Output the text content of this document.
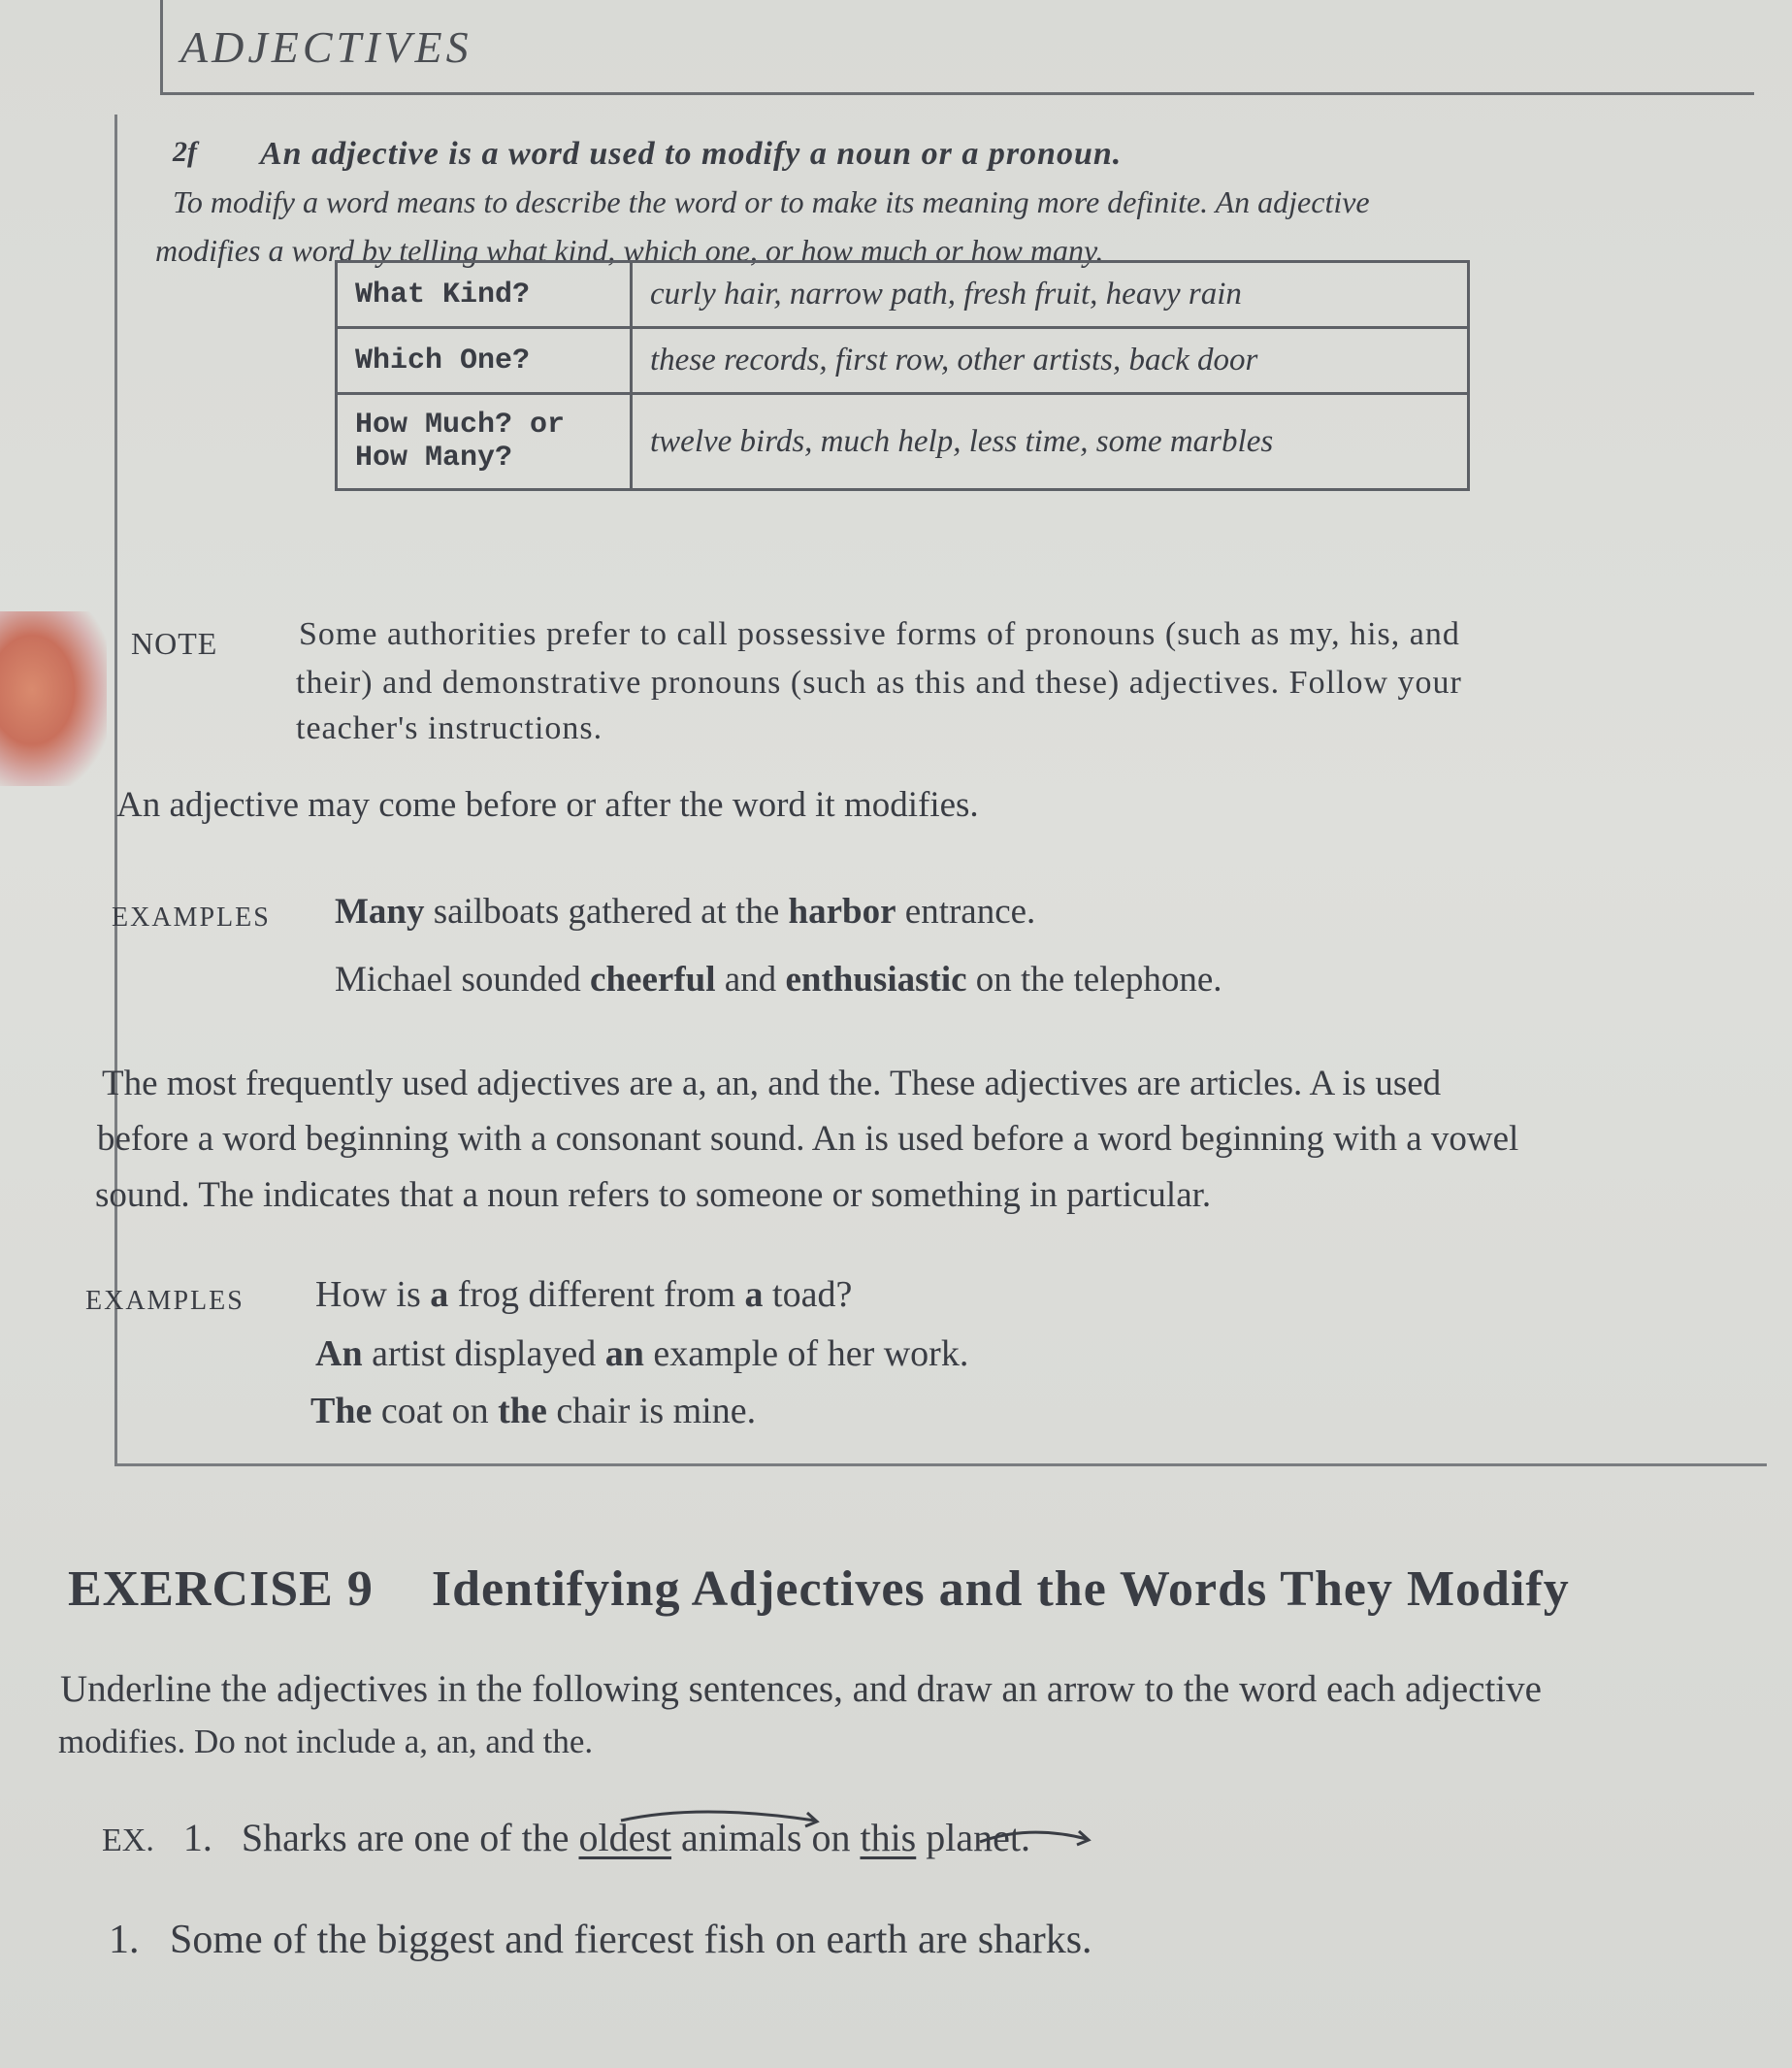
ADJECTIVES
2f An adjective is a word used to modify a noun or a pronoun.
To modify a word means to describe the word or to make its meaning more definite. An adjective
modifies a word by telling what kind, which one, or how much or how many.
What Kind?	curly hair, narrow path, fresh fruit, heavy rain
Which One?	these records, first row, other artists, back door
How Much? or How Many?	twelve birds, much help, less time, some marbles
NOTE Some authorities prefer to call possessive forms of pronouns (such as my, his, and
their) and demonstrative pronouns (such as this and these) adjectives. Follow your
teacher's instructions.
An adjective may come before or after the word it modifies.
EXAMPLES Many sailboats gathered at the harbor entrance.
Michael sounded cheerful and enthusiastic on the telephone.
The most frequently used adjectives are a, an, and the. These adjectives are articles. A is used
before a word beginning with a consonant sound. An is used before a word beginning with a vowel
sound. The indicates that a noun refers to someone or something in particular.
EXAMPLES How is a frog different from a toad?
An artist displayed an example of her work.
The coat on the chair is mine.
EXERCISE 9 Identifying Adjectives and the Words They Modify
Underline the adjectives in the following sentences, and draw an arrow to the word each adjective
modifies. Do not include a, an, and the.
EX. 1. Sharks are one of the oldest animals on this planet.
1. Some of the biggest and fiercest fish on earth are sharks.
